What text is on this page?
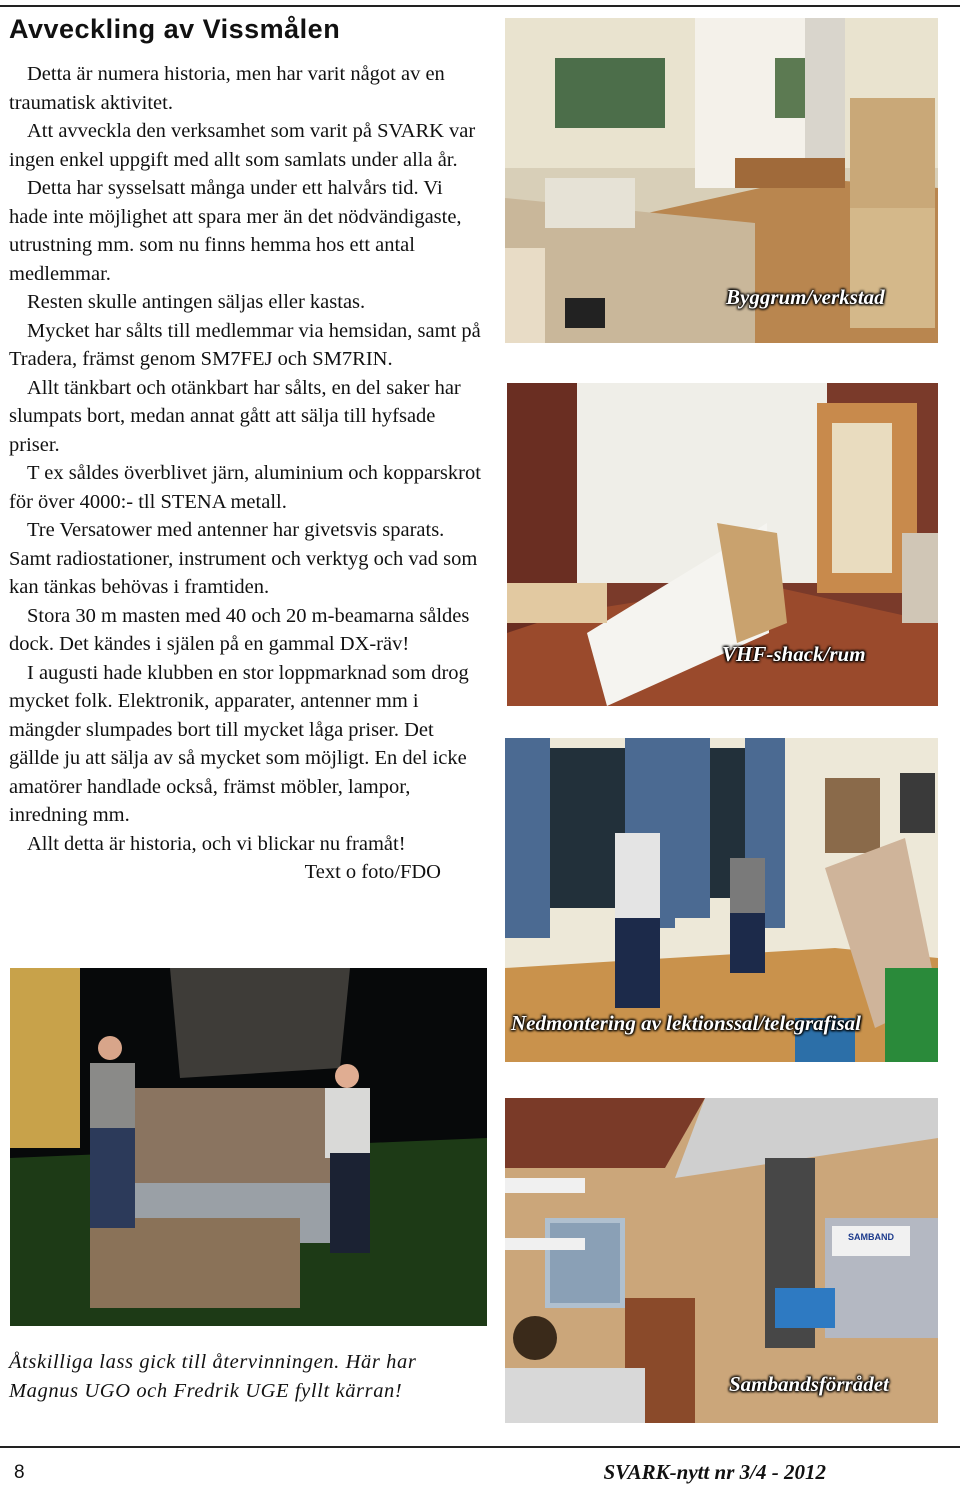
Avveckling av Vissmålen

Detta är numera historia, men har varit något av en traumatisk aktivitet.

Att avveckla den verksamhet som varit på SVARK var ingen enkel uppgift med allt som samlats under alla år.

Detta har sysselsatt många under ett halvårs tid. Vi hade inte möjlighet att spara mer än det nödvändigaste, utrustning mm. som nu finns hemma hos ett antal medlemmar.

Resten skulle antingen säljas eller kastas.

Mycket har sålts till medlemmar via hemsidan, samt på Tradera, främst genom SM7FEJ och SM7RIN.

Allt tänkbart och otänkbart har sålts, en del saker har slumpats bort, medan annat gått att sälja till hyfsade priser.

T ex såldes överblivet järn, aluminium och kopparskrot för över 4000:- tll STENA metall.

Tre Versatower med antenner har givetsvis sparats. Samt radiostationer, instrument och verktyg och vad som kan tänkas behövas i framtiden.

Stora 30 m masten med 40 och 20 m-beamarna såldes dock. Det kändes i själen på en gammal DX-räv!

I augusti hade klubben en stor loppmarknad som drog mycket folk. Elektronik, apparater, antenner mm i mängder slumpades bort till mycket låga priser. Det gällde ju att sälja av så mycket som möjligt. En del icke amatörer handlade också, främst möbler, lampor, inredning mm.

Allt detta är historia, och vi blickar nu framåt!

Text o foto/FDO

Byggrum/verkstad
VHF-shack/rum
Nedmontering av lektionssal/telegrafisal
Åtskilliga lass gick till återvinningen. Här har Magnus UGO och Fredrik UGE fyllt kärran!
SAMBAND
Sambandsförrådet
8	SVARK-nytt nr 3/4 - 2012
